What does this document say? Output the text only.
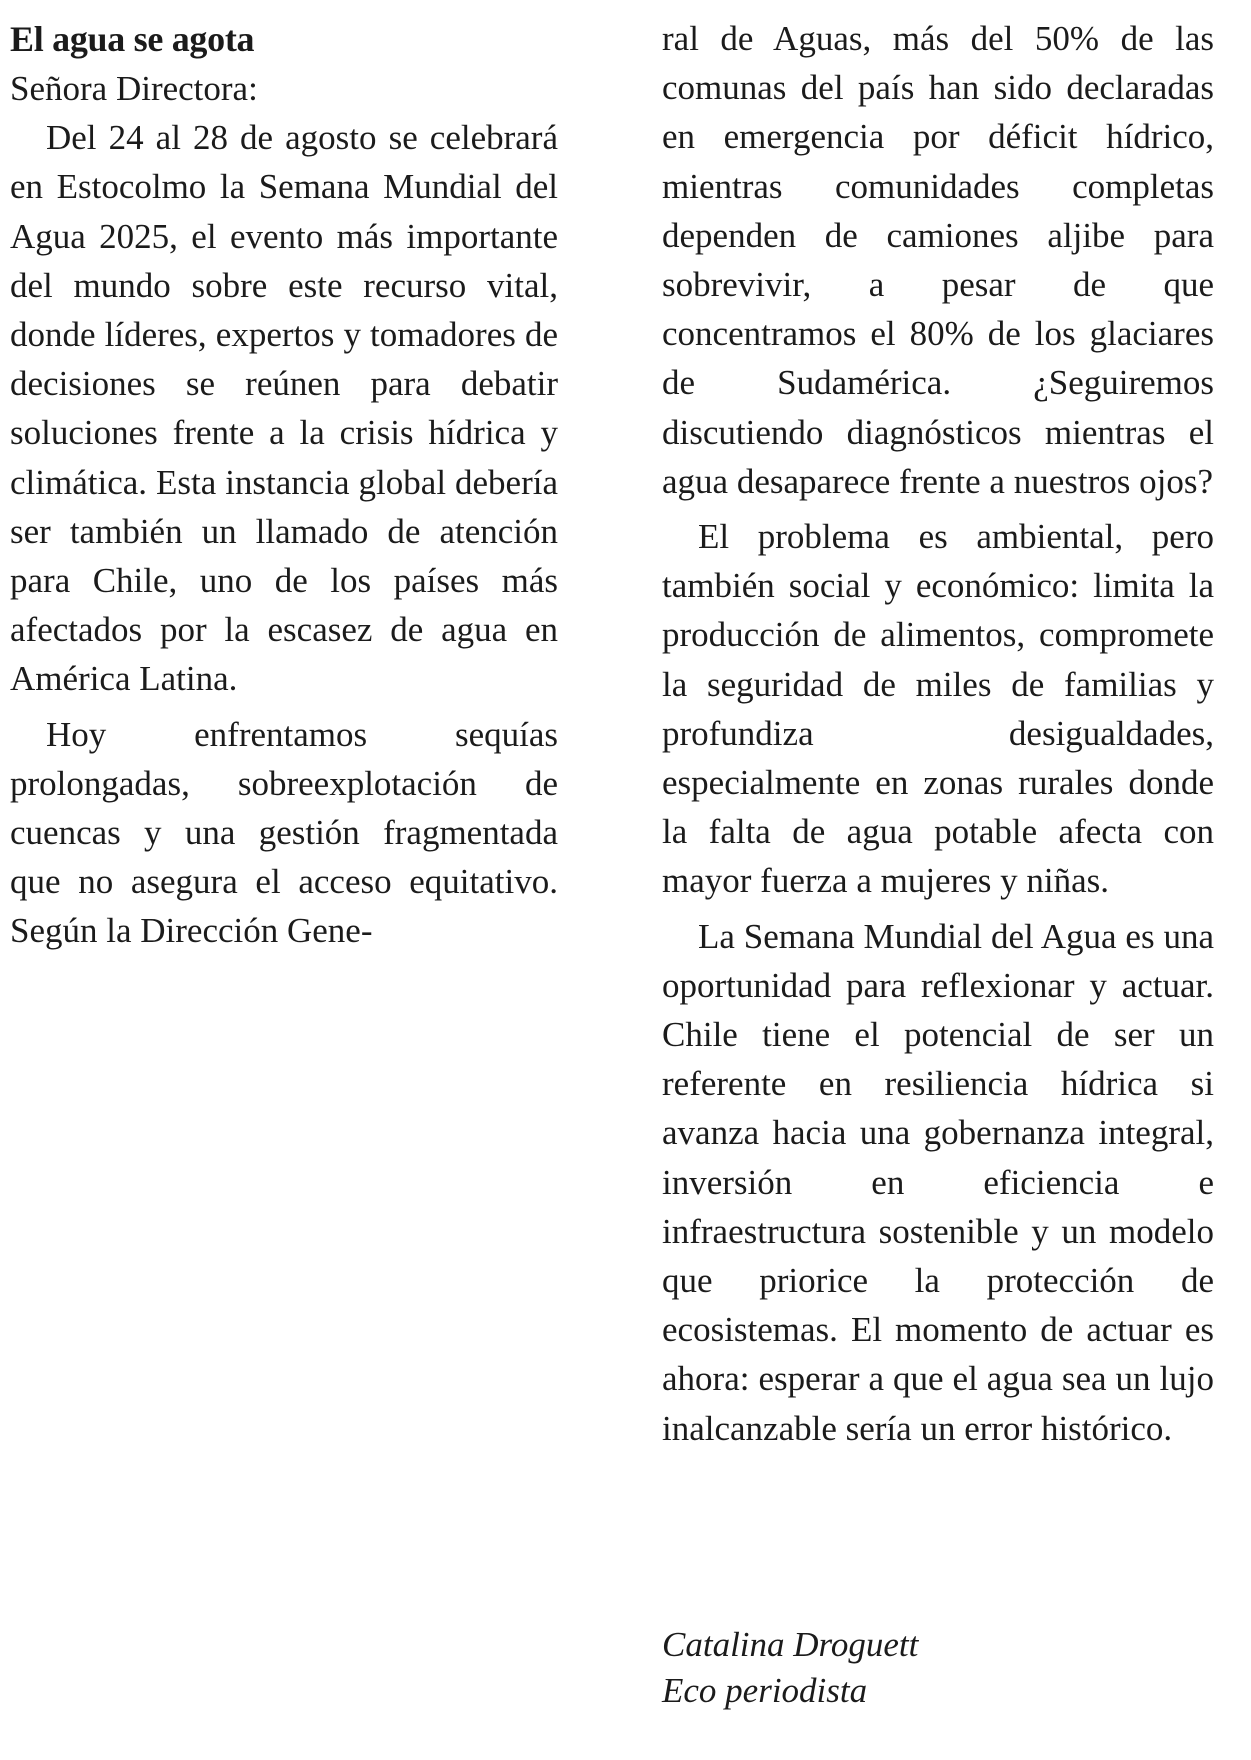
El agua se agota

Señora Directora:

Del 24 al 28 de agosto se celebrará en Estocolmo la Semana Mundial del Agua 2025, el evento más importante del mundo sobre este recurso vital, donde líderes, expertos y tomadores de decisiones se reúnen para debatir soluciones frente a la crisis hídrica y climática. Esta instancia global debería ser también un llamado de atención para Chile, uno de los países más afectados por la escasez de agua en América Latina.

Hoy enfrentamos sequías prolongadas, sobreexplotación de cuencas y una gestión fragmentada que no asegura el acceso equitativo. Según la Dirección Gene-

ral de Aguas, más del 50% de las comunas del país han sido declaradas en emergencia por déficit hídrico, mientras comunidades completas dependen de camiones aljibe para sobrevivir, a pesar de que concentramos el 80% de los glaciares de Sudamérica. ¿Seguiremos discutiendo diagnósticos mientras el agua desaparece frente a nuestros ojos?

El problema es ambiental, pero también social y económico: limita la producción de alimentos, compromete la seguridad de miles de familias y profundiza desigualdades, especialmente en zonas rurales donde la falta de agua potable afecta con mayor fuerza a mujeres y niñas.

La Semana Mundial del Agua es una oportunidad para reflexionar y actuar. Chile tiene el potencial de ser un referente en resiliencia hídrica si avanza hacia una gobernanza integral, inversión en eficiencia e infraestructura sostenible y un modelo que priorice la protección de ecosistemas. El momento de actuar es ahora: esperar a que el agua sea un lujo inalcanzable sería un error histórico.

Catalina Droguett
Eco periodista
